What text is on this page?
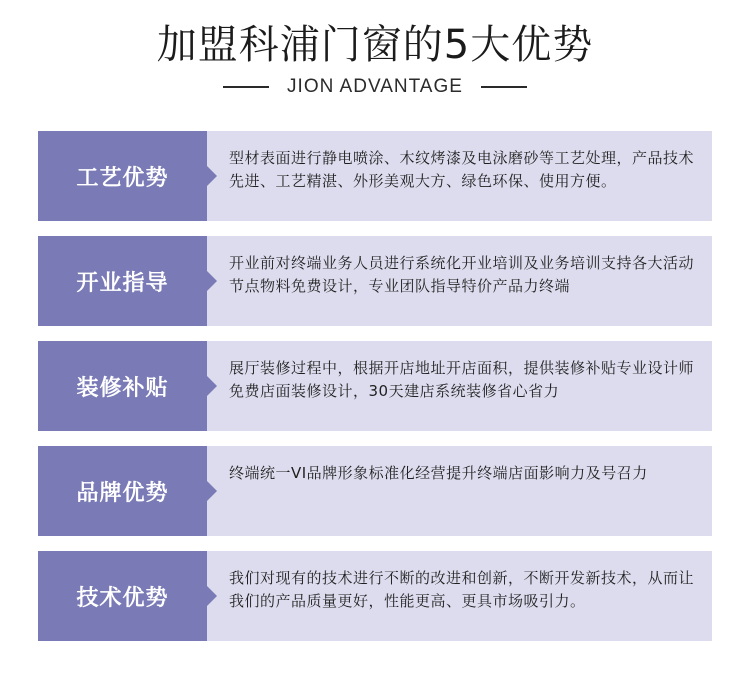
加盟科浦门窗的5大优势
JION ADVANTAGE
工艺优势
型材表面进行静电喷涂、木纹烤漆及电泳磨砂等工艺处理，产品技术先进、工艺精湛、外形美观大方、绿色环保、使用方便。
开业指导
开业前对终端业务人员进行系统化开业培训及业务培训支持各大活动节点物料免费设计，专业团队指导特价产品力终端
装修补贴
展厅装修过程中，根据开店地址开店面积，提供装修补贴专业设计师免费店面装修设计，30天建店系统装修省心省力
品牌优势
终端统一VI品牌形象标准化经营提升终端店面影响力及号召力
技术优势
我们对现有的技术进行不断的改进和创新，不断开发新技术，从而让我们的产品质量更好，性能更高、更具市场吸引力。
